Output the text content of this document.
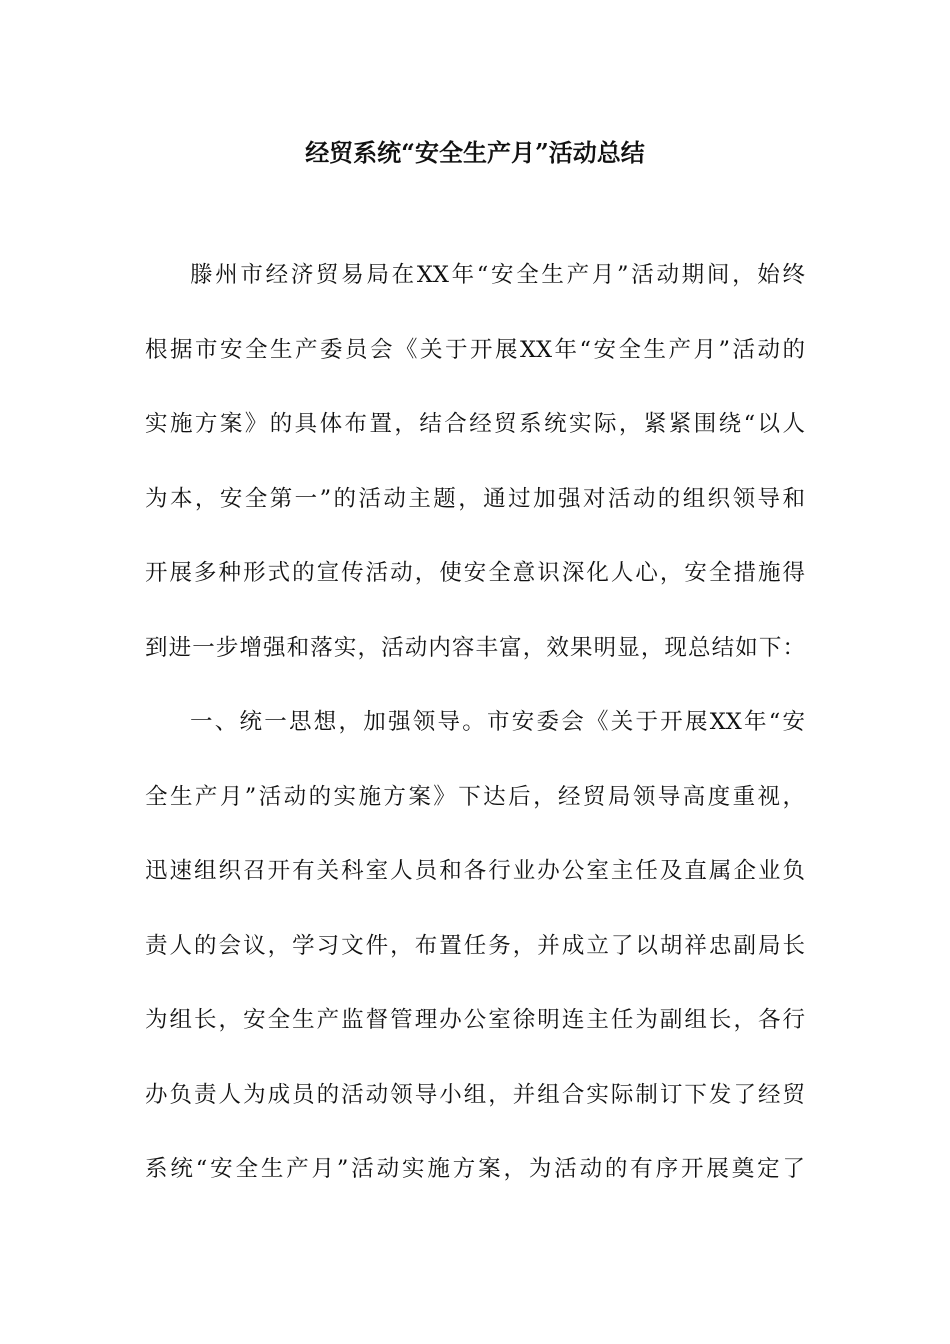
经贸系统“安全生产月”活动总结
滕州市经济贸易局在XX年“安全生产月”活动期间，始终
根据市安全生产委员会《关于开展XX年“安全生产月”活动的
实施方案》的具体布置，结合经贸系统实际，紧紧围绕“以人
为本，安全第一”的活动主题，通过加强对活动的组织领导和
开展多种形式的宣传活动，使安全意识深化人心，安全措施得
到进一步增强和落实，活动内容丰富，效果明显，现总结如下：
一、统一思想，加强领导。市安委会《关于开展XX年“安
全生产月”活动的实施方案》下达后，经贸局领导高度重视，
迅速组织召开有关科室人员和各行业办公室主任及直属企业负
责人的会议，学习文件，布置任务，并成立了以胡祥忠副局长
为组长，安全生产监督管理办公室徐明连主任为副组长，各行
办负责人为成员的活动领导小组，并组合实际制订下发了经贸
系统“安全生产月”活动实施方案，为活动的有序开展奠定了
